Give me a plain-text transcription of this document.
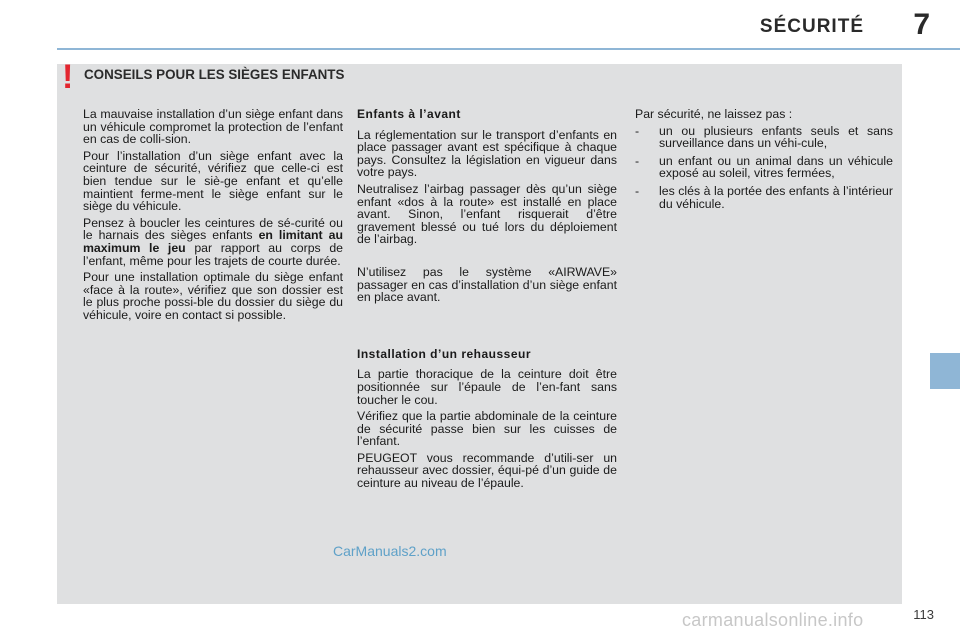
SÉCURITÉ 7
! CONSEILS POUR LES SIÈGES ENFANTS

La mauvaise installation d’un siège enfant dans un véhicule compromet la protection de l’enfant en cas de colli-sion.

Pour l’installation d’un siège enfant avec la ceinture de sécurité, vérifiez que celle-ci est bien tendue sur le siè-ge enfant et qu’elle maintient ferme-ment le siège enfant sur le siège du véhicule.

Pensez à boucler les ceintures de sé-curité ou le harnais des sièges enfants en limitant au maximum le jeu par rapport au corps de l’enfant, même pour les trajets de courte durée.

Pour une installation optimale du siège enfant «face à la route», vérifiez que son dossier est le plus proche possi-ble du dossier du siège du véhicule, voire en contact si possible.

Enfants à l’avant

La réglementation sur le transport d’enfants en place passager avant est spécifique à chaque pays. Consultez la législation en vigueur dans votre pays.

Neutralisez l’airbag passager dès qu’un siège enfant «dos à la route» est installé en place avant. Sinon, l’enfant risquerait d’être gravement blessé ou tué lors du déploiement de l’airbag.

N’utilisez pas le système «AIRWAVE» passager en cas d’installation d’un siège enfant en place avant.

Installation d’un rehausseur

La partie thoracique de la ceinture doit être positionnée sur l’épaule de l’en-fant sans toucher le cou.

Vérifiez que la partie abdominale de la ceinture de sécurité passe bien sur les cuisses de l’enfant.

PEUGEOT vous recommande d’utili-ser un rehausseur avec dossier, équi-pé d’un guide de ceinture au niveau de l’épaule.

Par sécurité, ne laissez pas :

- un ou plusieurs enfants seuls et sans surveillance dans un véhi-cule,
- un enfant ou un animal dans un véhicule exposé au soleil, vitres fermées,
- les clés à la portée des enfants à l’intérieur du véhicule.
CarManuals2.com
carmanualsonline.info	113
